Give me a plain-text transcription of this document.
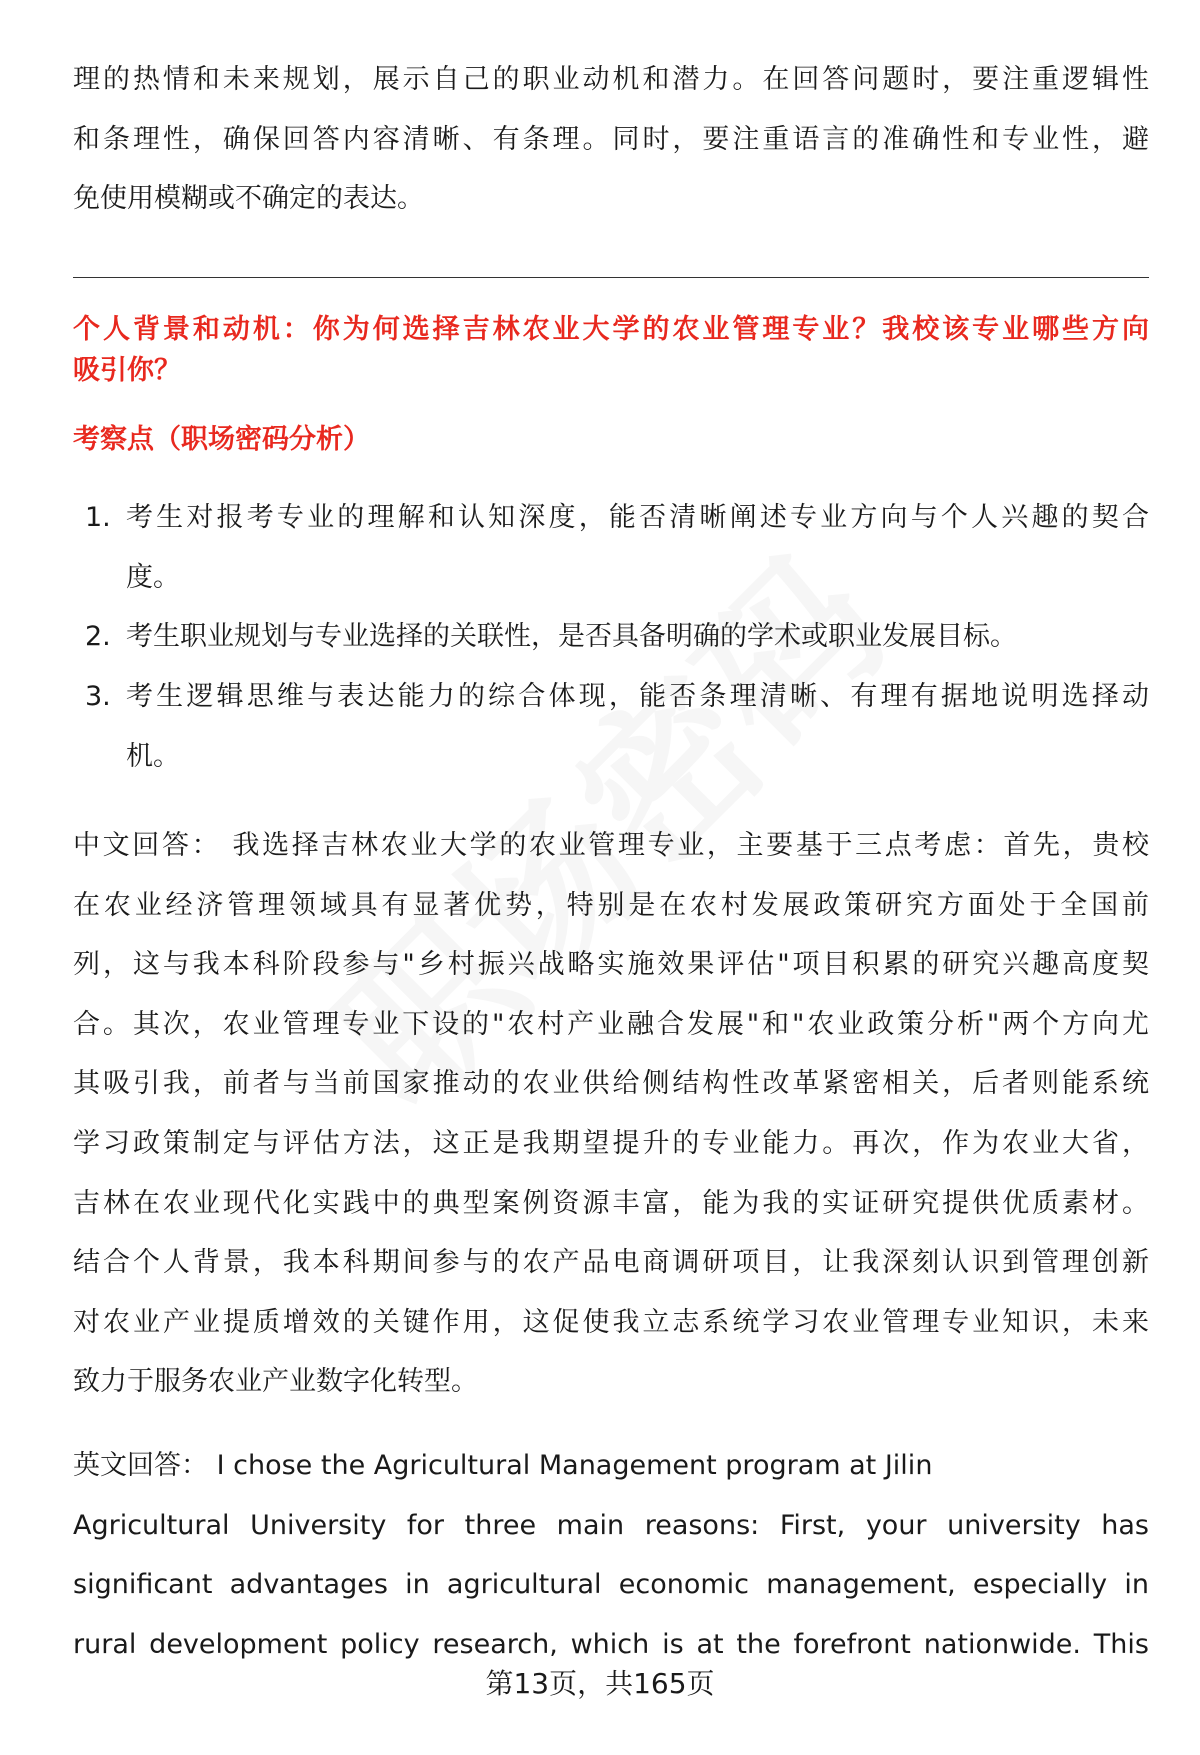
理的热情和未来规划，展示自己的职业动机和潜力。在回答问题时，要注重逻辑性
和条理性，确保回答内容清晰、有条理。同时，要注重语言的准确性和专业性，避
免使用模糊或不确定的表达。
个人背景和动机：你为何选择吉林农业大学的农业管理专业？我校该专业哪些方向
吸引你？
考察点（职场密码分析）
1. 考生对报考专业的理解和认知深度，能否清晰阐述专业方向与个人兴趣的契合
度。
2. 考生职业规划与专业选择的关联性，是否具备明确的学术或职业发展目标。
3. 考生逻辑思维与表达能力的综合体现，能否条理清晰、有理有据地说明选择动
机。
中文回答： 我选择吉林农业大学的农业管理专业，主要基于三点考虑：首先，贵校
在农业经济管理领域具有显著优势，特别是在农村发展政策研究方面处于全国前
列，这与我本科阶段参与"乡村振兴战略实施效果评估"项目积累的研究兴趣高度契
合。其次，农业管理专业下设的"农村产业融合发展"和"农业政策分析"两个方向尤
其吸引我，前者与当前国家推动的农业供给侧结构性改革紧密相关，后者则能系统
学习政策制定与评估方法，这正是我期望提升的专业能力。再次，作为农业大省，
吉林在农业现代化实践中的典型案例资源丰富，能为我的实证研究提供优质素材。
结合个人背景，我本科期间参与的农产品电商调研项目，让我深刻认识到管理创新
对农业产业提质增效的关键作用，这促使我立志系统学习农业管理专业知识，未来
致力于服务农业产业数字化转型。
英文回答： I chose the Agricultural Management program at Jilin
Agricultural University for three main reasons: First, your university has
significant advantages in agricultural economic management, especially in
rural development policy research, which is at the forefront nationwide. This
第13页，共165页
